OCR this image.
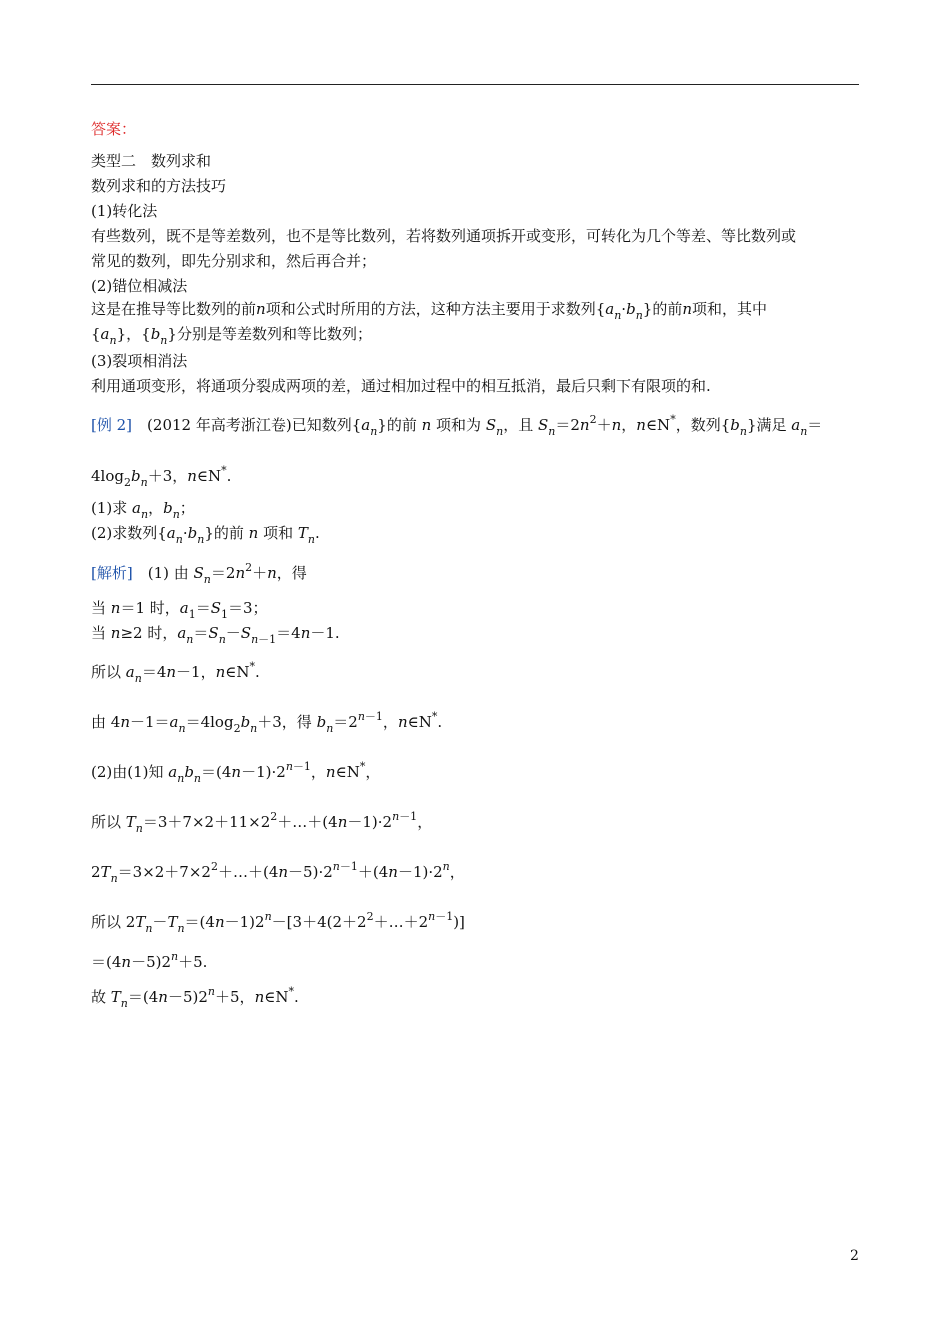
答案：
类型二　数列求和
数列求和的方法技巧
(1)转化法
有些数列，既不是等差数列，也不是等比数列，若将数列通项拆开或变形，可转化为几个等差、等比数列或
常见的数列，即先分别求和，然后再合并；
(2)错位相减法
这是在推导等比数列的前n项和公式时所用的方法，这种方法主要用于求数列$\{a_n\cdot b_n\}$的前n项和，其中
$\{a_n\}$，$\{b_n\}$分别是等差数列和等比数列；
(3)裂项相消法
利用通项变形，将通项分裂成两项的差，通过相加过程中的相互抵消，最后只剩下有限项的和.
[例 2]　 (2012 年高考浙江卷)已知数列$\{a_n\}$的前 n 项和为 $S_n$，且 $S_n=2n^2+n$，n∈N*，数列$\{b_n\}$满足 $a_n=$
$4\log_2b_n+3$，n∈N*.
(1)求 $a_n$，$b_n$；
(2)求数列$\{a_n\cdot b_n\}$的前 n 项和 $T_n$.
[解析]　(1) 由 $S_n=2n^2+n$，得
当 n＝1 时，$a_1=S_1=3$；
当 n≥2 时，$a_n=S_n-S_{n-1}=4n-1$.
所以 $a_n=4n-1$，n∈N*.
由 $4n-1=a_n=4\log_2b_n+3$，得 $b_n=2^{n-1}$，n∈N*.
(2)由(1)知 $a_nb_n=(4n-1)\cdot 2^{n-1}$，n∈N*，
所以 $T_n=3+7\times 2+11\times 2^2+\dots+(4n-1)\cdot 2^{n-1}$，
$2T_n=3\times 2+7\times 2^2+\dots+(4n-5)\cdot 2^{n-1}+(4n-1)\cdot 2^n$，
所以 $2T_n-T_n=(4n-1)2^n-[3+4(2+2^2+\dots+2^{n-1})]$
$=(4n-5)2^n+5$.
故 $T_n=(4n-5)2^n+5$，n∈N*.
2
